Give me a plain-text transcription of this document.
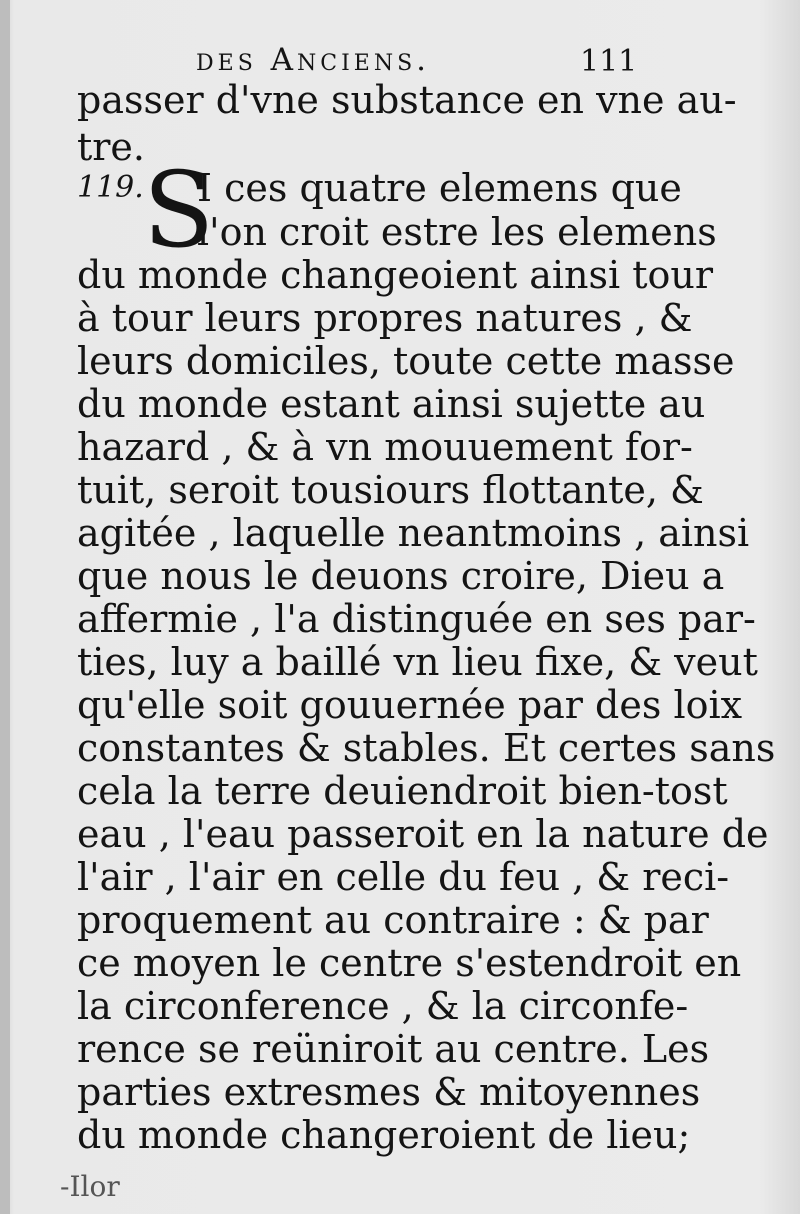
des Anciens.	111
passer d'vne substance en vne au-
tre.
119. S
I ces quatre elemens que
l'on croit estre les elemens
du monde changeoient ainsi tour
à tour leurs propres natures , &
leurs domiciles, toute cette masse
du monde estant ainsi sujette au
hazard , & à vn mouuement for-
tuit, seroit tousiours flottante, &
agitée , laquelle neantmoins , ainsi
que nous le deuons croire, Dieu a
affermie , l'a distinguée en ses par-
ties, luy a baillé vn lieu fixe, & veut
qu'elle soit gouuernée par des loix
constantes & stables. Et certes sans
cela la terre deuiendroit bien-tost
eau , l'eau passeroit en la nature de
l'air , l'air en celle du feu , & reci-
proquement au contraire : & par
ce moyen le centre s'estendroit en
la circonference , & la circonfe-
rence se reüniroit au centre. Les
parties extresmes & mitoyennes
du monde changeroient de lieu;
-Ilor
